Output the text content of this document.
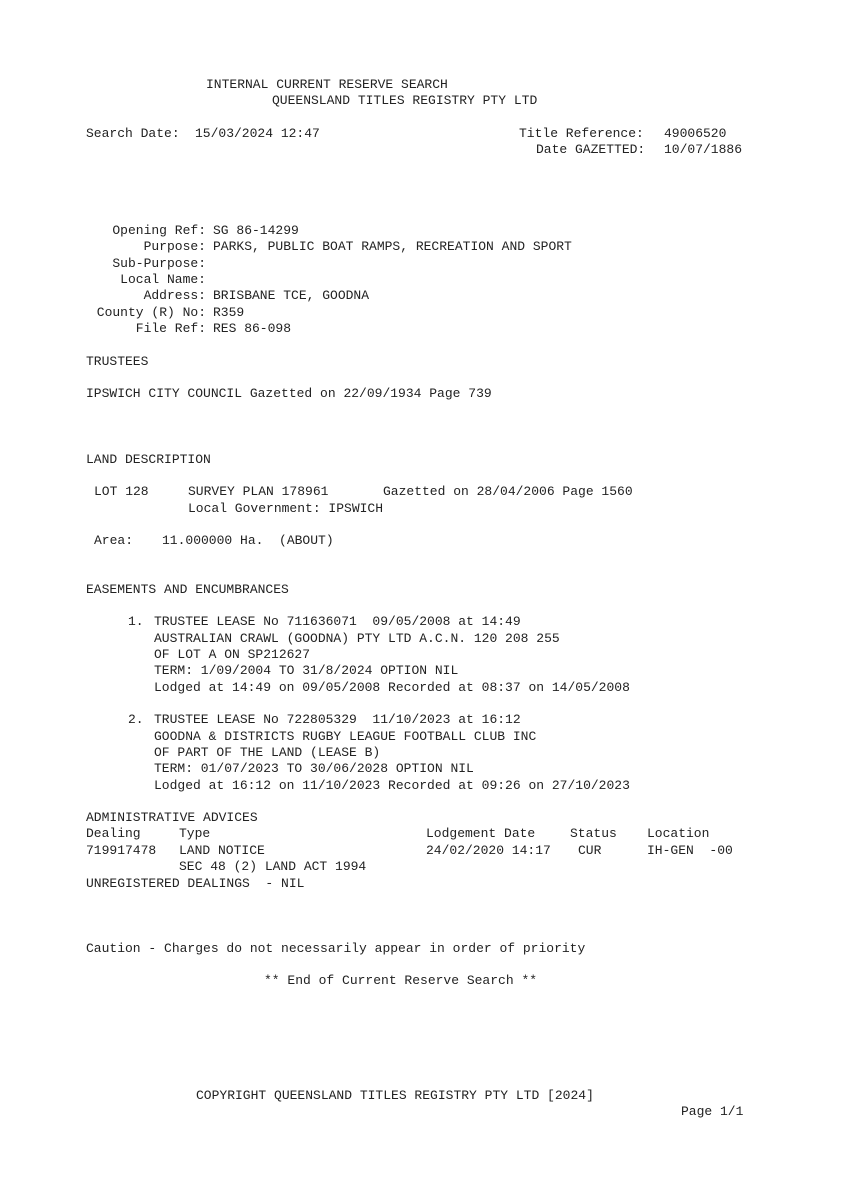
INTERNAL CURRENT RESERVE SEARCH
QUEENSLAND TITLES REGISTRY PTY LTD
Search Date: 15/03/2024 12:47	Title Reference: 49006520
Date GAZETTED: 10/07/1886
Opening Ref: SG 86-14299
Purpose: PARKS, PUBLIC BOAT RAMPS, RECREATION AND SPORT
Sub-Purpose:
Local Name:
Address: BRISBANE TCE, GOODNA
County (R) No: R359
File Ref: RES 86-098
TRUSTEES
IPSWICH CITY COUNCIL Gazetted on 22/09/1934 Page 739
LAND DESCRIPTION
LOT 128	SURVEY PLAN 178961	Gazetted on 28/04/2006 Page 1560
Local Government: IPSWICH
Area: 11.000000 Ha.  (ABOUT)
EASEMENTS AND ENCUMBRANCES
1. TRUSTEE LEASE No 711636071  09/05/2008 at 14:49
AUSTRALIAN CRAWL (GOODNA) PTY LTD A.C.N. 120 208 255
OF LOT A ON SP212627
TERM: 1/09/2004 TO 31/8/2024 OPTION NIL
Lodged at 14:49 on 09/05/2008 Recorded at 08:37 on 14/05/2008
2. TRUSTEE LEASE No 722805329  11/10/2023 at 16:12
GOODNA & DISTRICTS RUGBY LEAGUE FOOTBALL CLUB INC
OF PART OF THE LAND (LEASE B)
TERM: 01/07/2023 TO 30/06/2028 OPTION NIL
Lodged at 16:12 on 11/10/2023 Recorded at 09:26 on 27/10/2023
ADMINISTRATIVE ADVICES
Dealing	Type	Lodgement Date	Status Location
719917478 LAND NOTICE	24/02/2020 14:17 CUR	IH-GEN  -00
SEC 48 (2) LAND ACT 1994
UNREGISTERED DEALINGS  - NIL
Caution - Charges do not necessarily appear in order of priority
** End of Current Reserve Search **
COPYRIGHT QUEENSLAND TITLES REGISTRY PTY LTD [2024]
Page 1/1
